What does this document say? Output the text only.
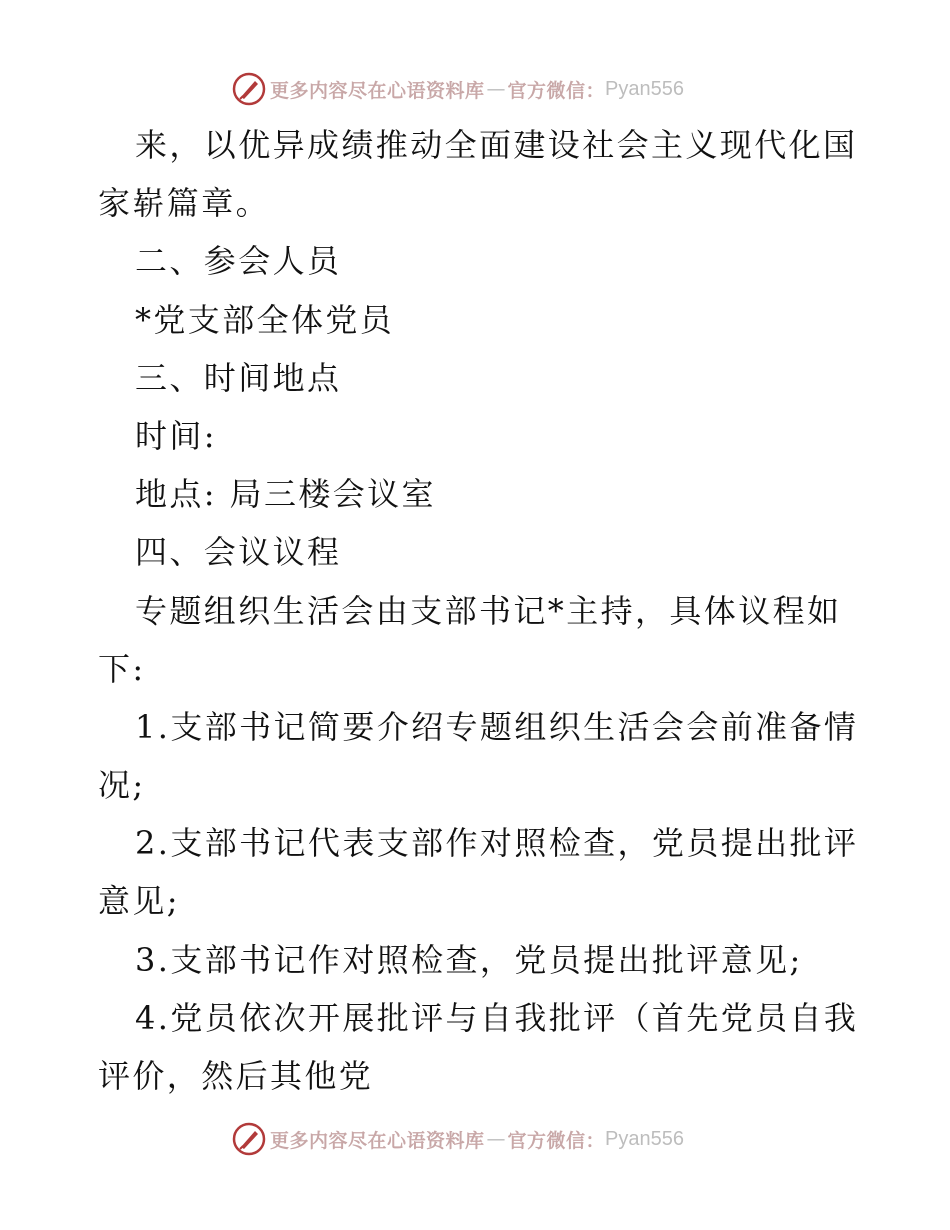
更多内容尽在心语资料库 — 官方微信： Pyan556
来，以优异成绩推动全面建设社会主义现代化国
家崭篇章。
二、参会人员
*党支部全体党员
三、时间地点
时间:
地点: 局三楼会议室
四、会议议程
专题组织生活会由支部书记*主持，具体议程如
下:
1.支部书记简要介绍专题组织生活会会前准备情
况;
2.支部书记代表支部作对照检查，党员提出批评
意见;
3.支部书记作对照检查，党员提出批评意见;
4.党员依次开展批评与自我批评（首先党员自我
评价，然后其他党
更多内容尽在心语资料库 — 官方微信： Pyan556
